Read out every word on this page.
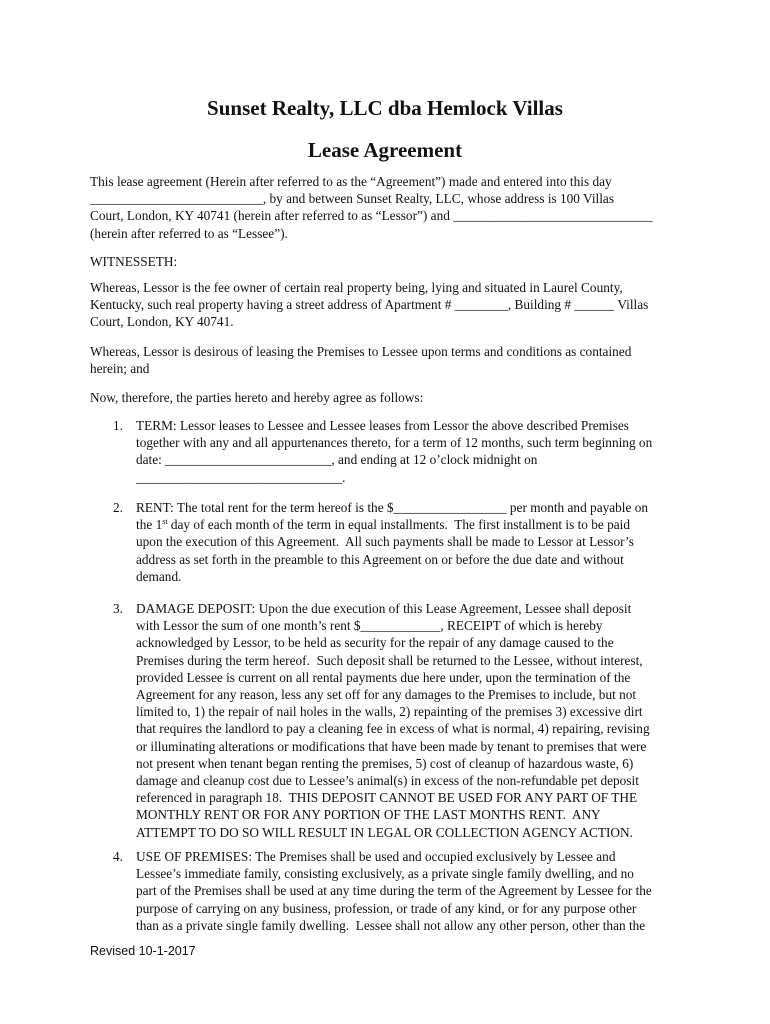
Sunset Realty, LLC dba Hemlock Villas
Lease Agreement
This lease agreement (Herein after referred to as the “Agreement”) made and entered into this day
__________________________, by and between Sunset Realty, LLC, whose address is 100 Villas
Court, London, KY 40741 (herein after referred to as “Lessor”) and ______________________________
(herein after referred to as “Lessee”).
WITNESSETH:
Whereas, Lessor is the fee owner of certain real property being, lying and situated in Laurel County,
Kentucky, such real property having a street address of Apartment # ________, Building # ______ Villas
Court, London, KY 40741.
Whereas, Lessor is desirous of leasing the Premises to Lessee upon terms and conditions as contained
herein; and
Now, therefore, the parties hereto and hereby agree as follows:
1. TERM: Lessor leases to Lessee and Lessee leases from Lessor the above described Premises
together with any and all appurtenances thereto, for a term of 12 months, such term beginning on
date: _________________________, and ending at 12 o’clock midnight on
_______________________________.
2. RENT: The total rent for the term hereof is the $_________________ per month and payable on
the 1st day of each month of the term in equal installments.  The first installment is to be paid
upon the execution of this Agreement.  All such payments shall be made to Lessor at Lessor’s
address as set forth in the preamble to this Agreement on or before the due date and without
demand.
3. DAMAGE DEPOSIT: Upon the due execution of this Lease Agreement, Lessee shall deposit
with Lessor the sum of one month’s rent $____________, RECEIPT of which is hereby
acknowledged by Lessor, to be held as security for the repair of any damage caused to the
Premises during the term hereof.  Such deposit shall be returned to the Lessee, without interest,
provided Lessee is current on all rental payments due here under, upon the termination of the
Agreement for any reason, less any set off for any damages to the Premises to include, but not
limited to, 1) the repair of nail holes in the walls, 2) repainting of the premises 3) excessive dirt
that requires the landlord to pay a cleaning fee in excess of what is normal, 4) repairing, revising
or illuminating alterations or modifications that have been made by tenant to premises that were
not present when tenant began renting the premises, 5) cost of cleanup of hazardous waste, 6)
damage and cleanup cost due to Lessee’s animal(s) in excess of the non-refundable pet deposit
referenced in paragraph 18.  THIS DEPOSIT CANNOT BE USED FOR ANY PART OF THE
MONTHLY RENT OR FOR ANY PORTION OF THE LAST MONTHS RENT.  ANY
ATTEMPT TO DO SO WILL RESULT IN LEGAL OR COLLECTION AGENCY ACTION.
4. USE OF PREMISES: The Premises shall be used and occupied exclusively by Lessee and
Lessee’s immediate family, consisting exclusively, as a private single family dwelling, and no
part of the Premises shall be used at any time during the term of the Agreement by Lessee for the
purpose of carrying on any business, profession, or trade of any kind, or for any purpose other
than as a private single family dwelling.  Lessee shall not allow any other person, other than the
Revised 10-1-2017
